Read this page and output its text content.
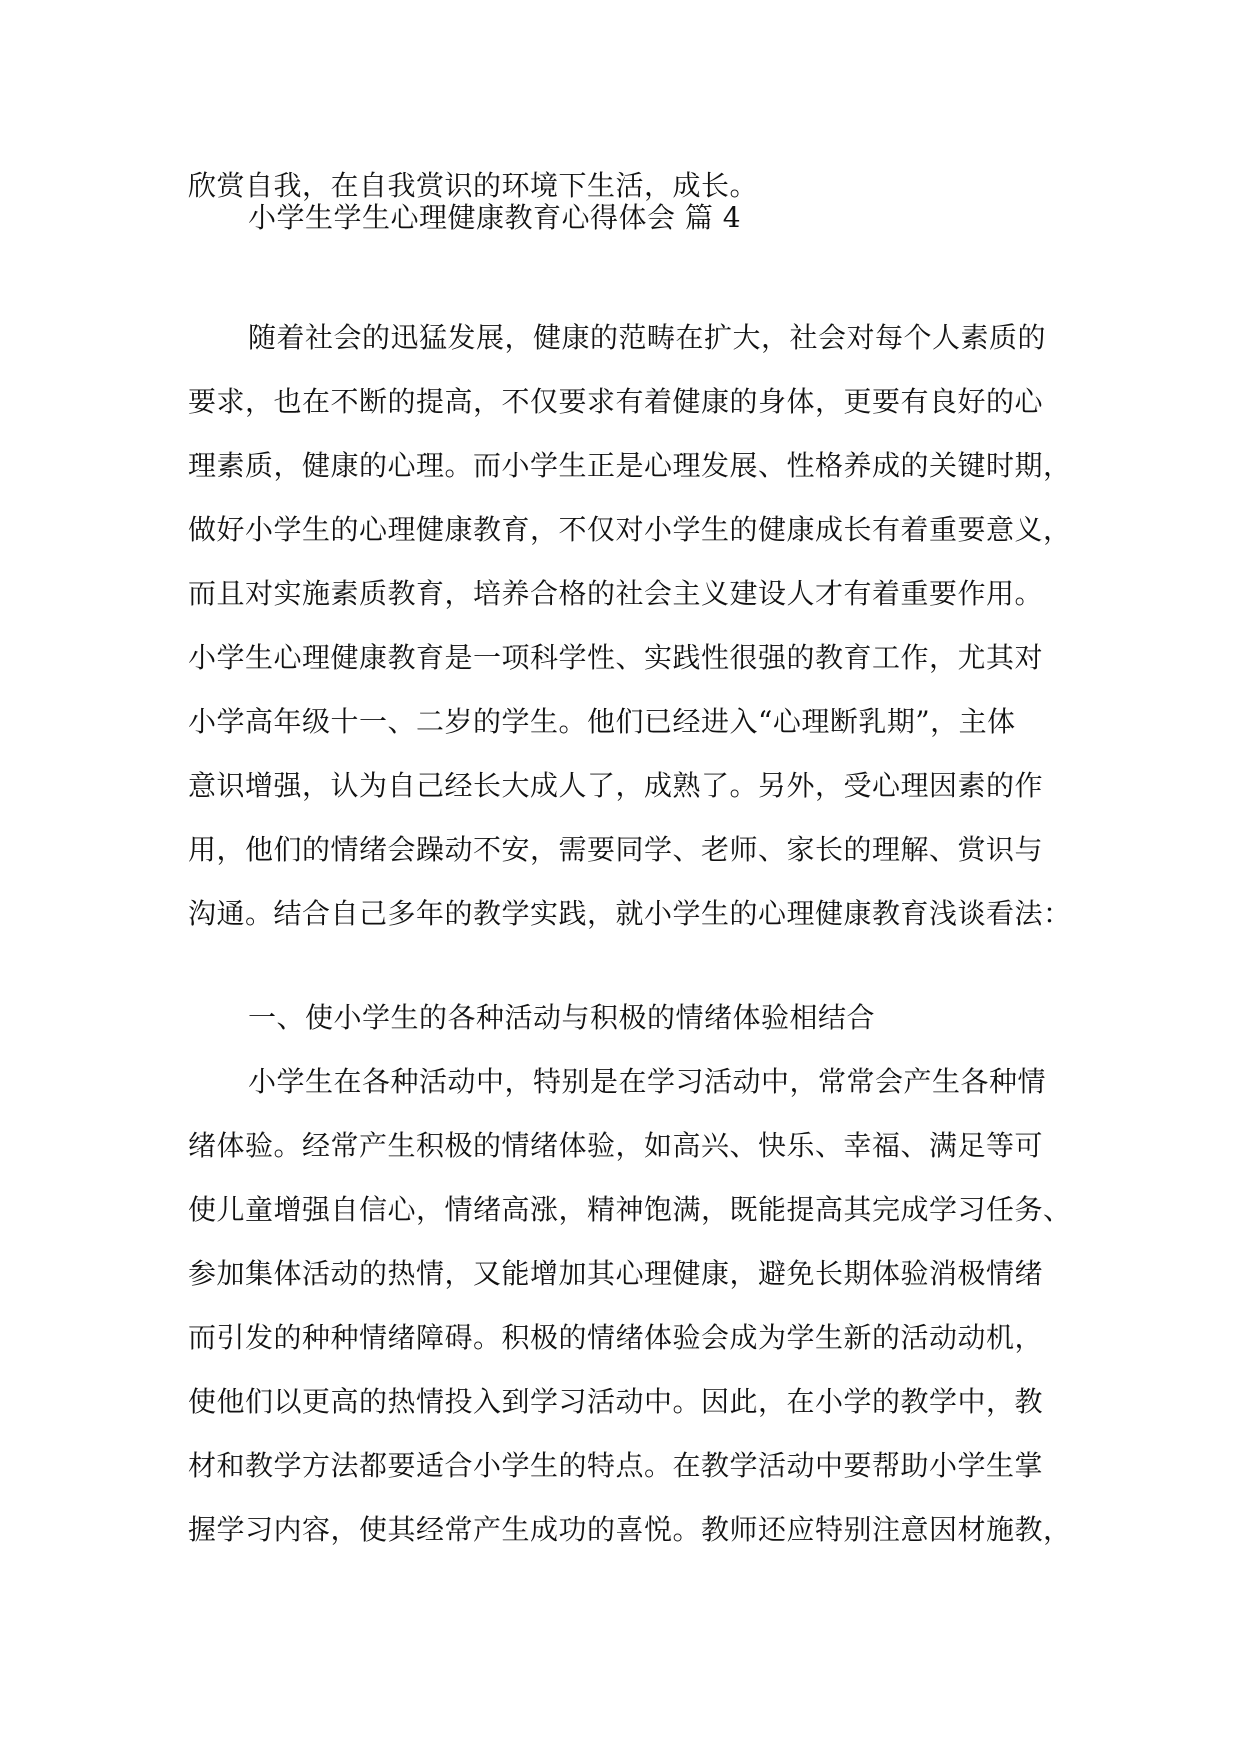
欣赏自我，在自我赏识的环境下生活，成长。

小学生学生心理健康教育心得体会 篇 4

随着社会的迅猛发展，健康的范畴在扩大，社会对每个人素质的
要求，也在不断的提高，不仅要求有着健康的身体，更要有良好的心
理素质，健康的心理。而小学生正是心理发展、性格养成的关键时期，
做好小学生的心理健康教育，不仅对小学生的健康成长有着重要意义，
而且对实施素质教育，培养合格的社会主义建设人才有着重要作用。
小学生心理健康教育是一项科学性、实践性很强的教育工作，尤其对
小学高年级十一、二岁的学生。他们已经进入“心理断乳期”，主体
意识增强，认为自己经长大成人了，成熟了。另外，受心理因素的作
用，他们的情绪会躁动不安，需要同学、老师、家长的理解、赏识与
沟通。结合自己多年的教学实践，就小学生的心理健康教育浅谈看法：

一、使小学生的各种活动与积极的情绪体验相结合

小学生在各种活动中，特别是在学习活动中，常常会产生各种情
绪体验。经常产生积极的情绪体验，如高兴、快乐、幸福、满足等可
使儿童增强自信心，情绪高涨，精神饱满，既能提高其完成学习任务、
参加集体活动的热情，又能增加其心理健康，避免长期体验消极情绪
而引发的种种情绪障碍。积极的情绪体验会成为学生新的活动动机，
使他们以更高的热情投入到学习活动中。因此，在小学的教学中，教
材和教学方法都要适合小学生的特点。在教学活动中要帮助小学生掌
握学习内容，使其经常产生成功的喜悦。教师还应特别注意因材施教，
